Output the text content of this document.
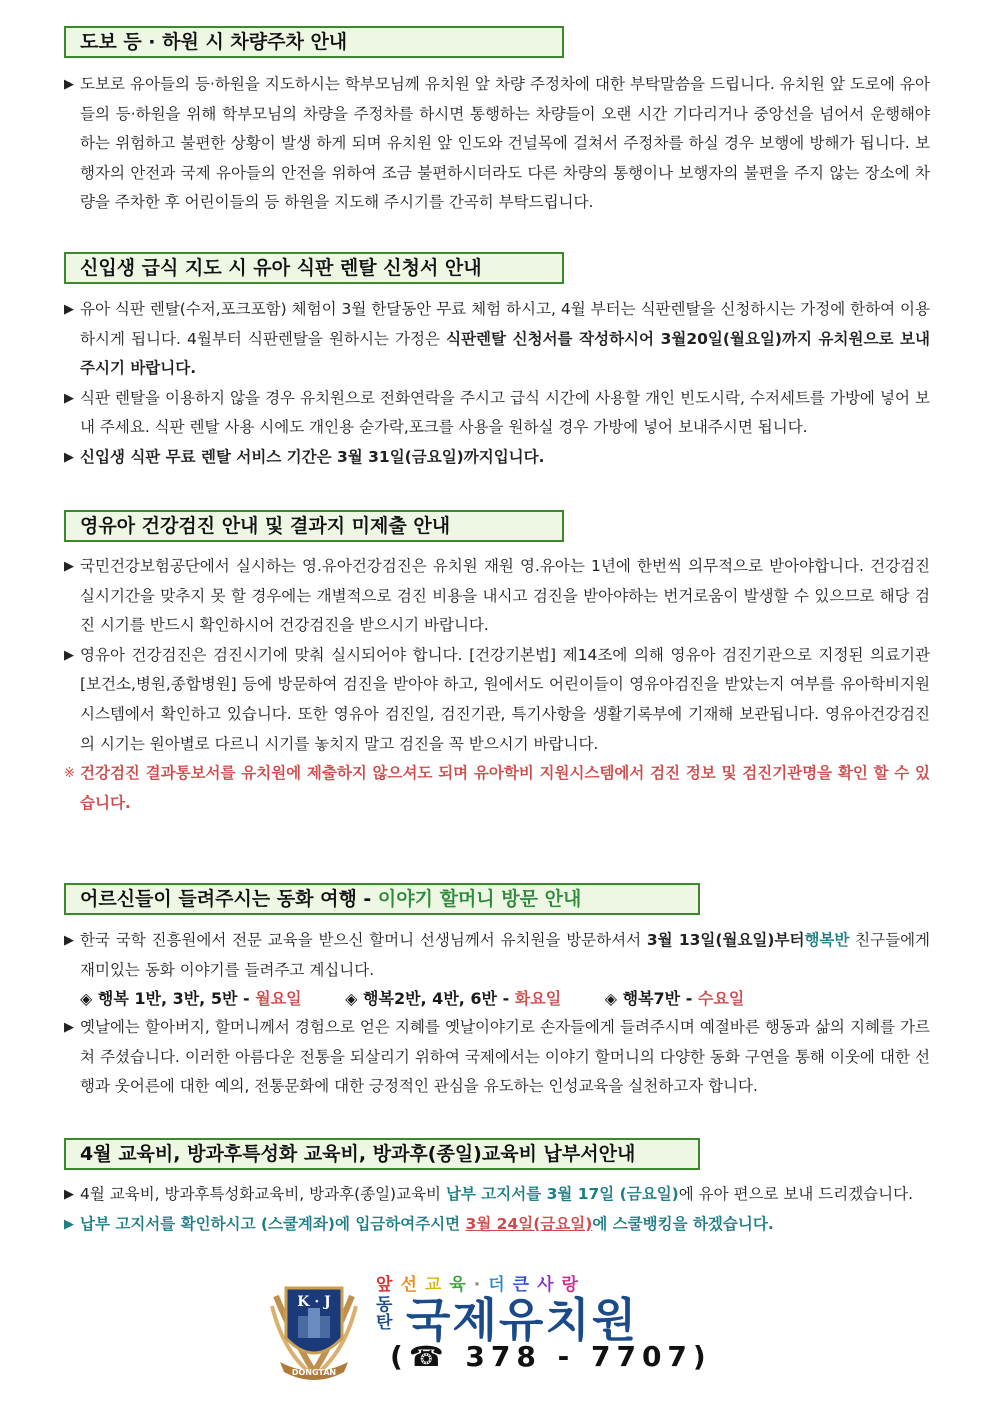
도보 등 · 하원 시 차량주차 안내
▶ 도보로 유아들의 등·하원을 지도하시는 학부모님께 유치원 앞 차량 주정차에 대한 부탁말씀을 드립니다. 유치원 앞 도로에 유아들의 등·하원을 위해 학부모님의 차량을 주정차를 하시면 통행하는 차량들이 오랜 시간 기다리거나 중앙선을 넘어서 운행해야 하는 위험하고 불편한 상황이 발생 하게 되며 유치원 앞 인도와 건널목에 걸쳐서 주정차를 하실 경우 보행에 방해가 됩니다. 보행자의 안전과 국제 유아들의 안전을 위하여 조금 불편하시더라도 다른 차량의 통행이나 보행자의 불편을 주지 않는 장소에 차량을 주차한 후 어린이들의 등 하원을 지도해 주시기를 간곡히 부탁드립니다.
신입생 급식 지도 시 유아 식판 렌탈 신청서 안내
▶ 유아 식판 렌탈(수저,포크포함) 체험이 3월 한달동안 무료 체험 하시고, 4월 부터는 식판렌탈을 신청하시는 가정에 한하여 이용하시게 됩니다. 4월부터 식판렌탈을 원하시는 가정은 식판렌탈 신청서를 작성하시어 3월20일(월요일)까지 유치원으로 보내주시기 바랍니다.
▶ 식판 렌탈을 이용하지 않을 경우 유치원으로 전화연락을 주시고 급식 시간에 사용할 개인 빈도시락, 수저세트를 가방에 넣어 보내 주세요. 식판 렌탈 사용 시에도 개인용 숟가락,포크를 사용을 원하실 경우 가방에 넣어 보내주시면 됩니다.
▶ 신입생 식판 무료 렌탈 서비스 기간은 3월 31일(금요일)까지입니다.
영유아 건강검진 안내 및 결과지 미제출 안내
▶ 국민건강보험공단에서 실시하는 영.유아건강검진은 유치원 재원 영.유아는 1년에 한번씩 의무적으로 받아야합니다. 건강검진 실시기간을 맞추지 못 할 경우에는 개별적으로 검진 비용을 내시고 검진을 받아야하는 번거로움이 발생할 수 있으므로 해당 검진 시기를 반드시 확인하시어 건강검진을 받으시기 바랍니다.
▶ 영유아 건강검진은 검진시기에 맞춰 실시되어야 합니다. [건강기본법] 제14조에 의해 영유아 검진기관으로 지정된 의료기관[보건소,병원,종합병원] 등에 방문하여 검진을 받아야 하고, 원에서도 어린이들이 영유아검진을 받았는지 여부를 유아학비지원시스템에서 확인하고 있습니다. 또한 영유아 검진일, 검진기관, 특기사항을 생활기록부에 기재해 보관됩니다. 영유아건강검진의 시기는 원아별로 다르니 시기를 놓치지 말고 검진을 꼭 받으시기 바랍니다.
※ 건강검진 결과통보서를 유치원에 제출하지 않으셔도 되며 유아학비 지원시스템에서 검진 정보 및 검진기관명을 확인 할 수 있습니다.
어르신들이 들려주시는 동화 여행 - 이야기 할머니 방문 안내
▶ 한국 국학 진흥원에서 전문 교육을 받으신 할머니 선생님께서 유치원을 방문하셔서 3월 13일(월요일)부터행복반 친구들에게 재미있는 동화 이야기를 들려주고 계십니다.
◈ 행복 1반, 3반, 5반 - 월요일	◈ 행복2반, 4반, 6반 - 화요일	◈ 행복7반 - 수요일
▶ 옛날에는 할아버지, 할머니께서 경험으로 얻은 지혜를 옛날이야기로 손자들에게 들려주시며 예절바른 행동과 삶의 지혜를 가르쳐 주셨습니다. 이러한 아름다운 전통을 되살리기 위하여 국제에서는 이야기 할머니의 다양한 동화 구연을 통해 이웃에 대한 선행과 웃어른에 대한 예의, 전통문화에 대한 긍정적인 관심을 유도하는 인성교육을 실천하고자 합니다.
4월 교육비, 방과후특성화 교육비, 방과후(종일)교육비 납부서안내
▶ 4월 교육비, 방과후특성화교육비, 방과후(종일)교육비 납부 고지서를 3월 17일 (금요일)에 유아 편으로 보내 드리겠습니다.
▶ 납부 고지서를 확인하시고 (스쿨계좌)에 입금하여주시면 3월 24일(금요일)에 스쿨뱅킹을 하겠습니다.
K · J
DONGTAN
앞선교육·더큰사랑
동
탄 국제유치원
(☎ 378 - 7707)
